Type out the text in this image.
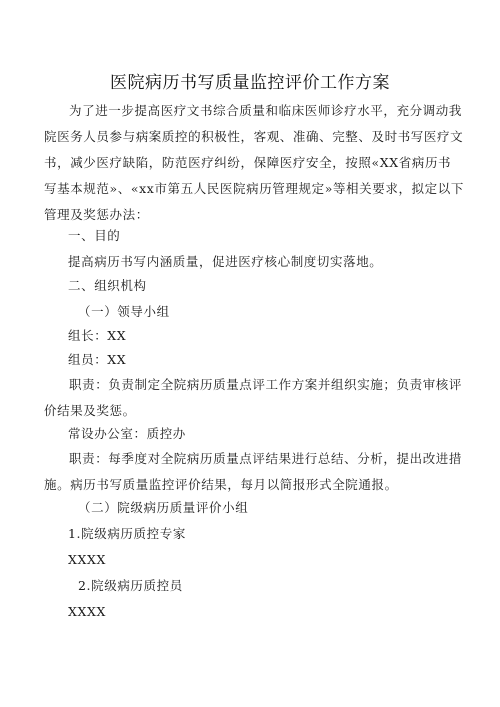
医院病历书写质量监控评价工作方案

为了进一步提高医疗文书综合质量和临床医师诊疗水平，充分调动我院医务人员参与病案质控的积极性，客观、准确、完整、及时书写医疗文书，减少医疗缺陷，防范医疗纠纷，保障医疗安全，按照«XX省病历书写基本规范»、«xx市第五人民医院病历管理规定»等相关要求，拟定以下管理及奖惩办法：

一、目的
提高病历书写内涵质量，促进医疗核心制度切实落地。
二、组织机构
（一）领导小组
组长：XX
组员：XX

职责：负责制定全院病历质量点评工作方案并组织实施；负责审核评价结果及奖惩。

常设办公室：质控办

职责：每季度对全院病历质量点评结果进行总结、分析，提出改进措施。病历书写质量监控评价结果，每月以简报形式全院通报。

（二）院级病历质量评价小组
1.院级病历质控专家
XXXX
2.院级病历质控员
XXXX
